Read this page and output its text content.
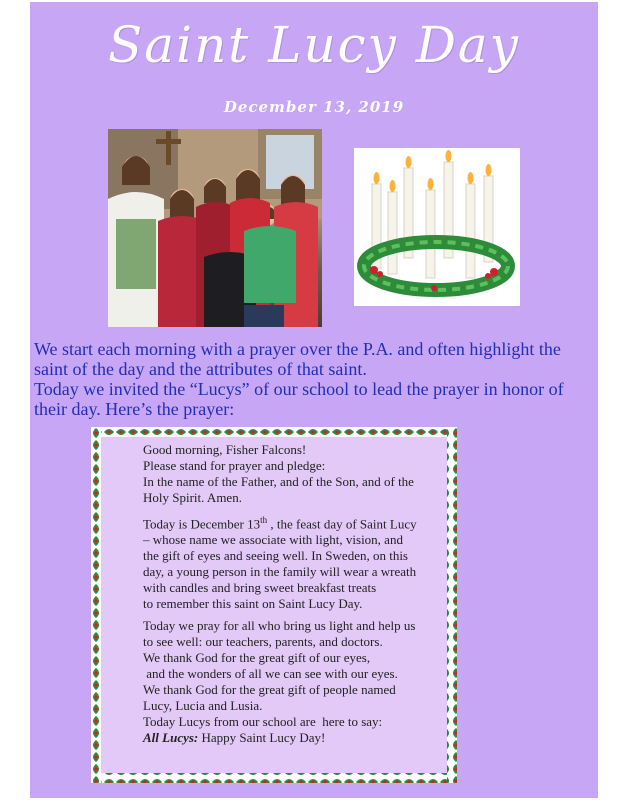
Saint Lucy Day
December 13, 2019

We start each morning with a prayer over the P.A. and often highlight the

saint of the day and the attributes of that saint.

Today we invited the “Lucys” of our school to lead the prayer in honor of

their day. Here’s the prayer:

Good morning, Fisher Falcons!
Please stand for prayer and pledge:
In the name of the Father, and of the Son, and of the
Holy Spirit. Amen.

Today is December 13th , the feast day of Saint Lucy
– whose name we associate with light, vision, and
the gift of eyes and seeing well. In Sweden, on this
day, a young person in the family will wear a wreath
with candles and bring sweet breakfast treats
to remember this saint on Saint Lucy Day.

Today we pray for all who bring us light and help us
to see well: our teachers, parents, and doctors.
We thank God for the great gift of our eyes,
and the wonders of all we can see with our eyes.
We thank God for the great gift of people named
Lucy, Lucia and Lusia.
Today Lucys from our school are  here to say:
All Lucys: Happy Saint Lucy Day!
